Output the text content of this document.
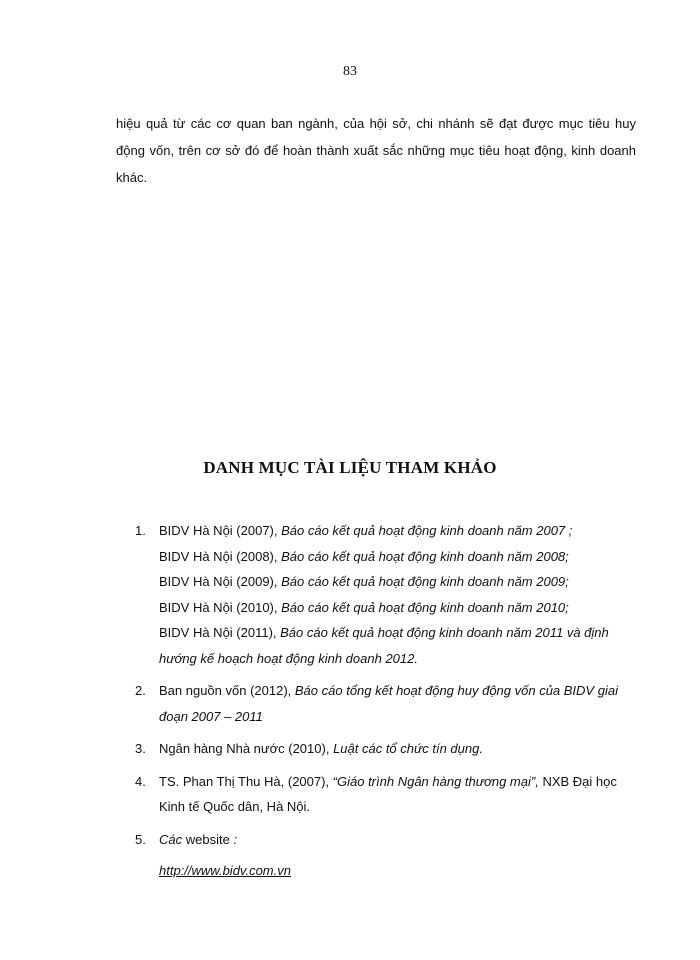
83
hiệu quả từ các cơ quan ban ngành, của hội sở, chi nhánh sẽ đạt được mục tiêu huy động vốn, trên cơ sở đó để hoàn thành xuất sắc những mục tiêu hoạt động, kinh doanh khác.
DANH MỤC TÀI LIỆU THAM KHẢO
1. BIDV Hà Nội (2007), Báo cáo kết quả hoạt động kinh doanh năm 2007 ;
BIDV Hà Nội (2008), Báo cáo kết quả hoạt động kinh doanh năm 2008;
BIDV Hà Nội (2009), Báo cáo kết quả hoạt động kinh doanh năm 2009;
BIDV Hà Nội (2010), Báo cáo kết quả hoạt động kinh doanh năm 2010;
BIDV Hà Nội (2011), Báo cáo kết quả hoạt động kinh doanh năm 2011 và định hướng kế hoạch hoạt động kinh doanh 2012.
2. Ban nguồn vốn (2012), Báo cáo tổng kết hoạt động huy động vốn của BIDV giai đoạn 2007 – 2011
3. Ngân hàng Nhà nước (2010), Luật các tổ chức tín dụng.
4. TS. Phan Thị Thu Hà, (2007), “Giáo trình Ngân hàng thương mại”, NXB Đại học Kinh tế Quốc dân, Hà Nội.
5. Các website :
http://www.bidv.com.vn
